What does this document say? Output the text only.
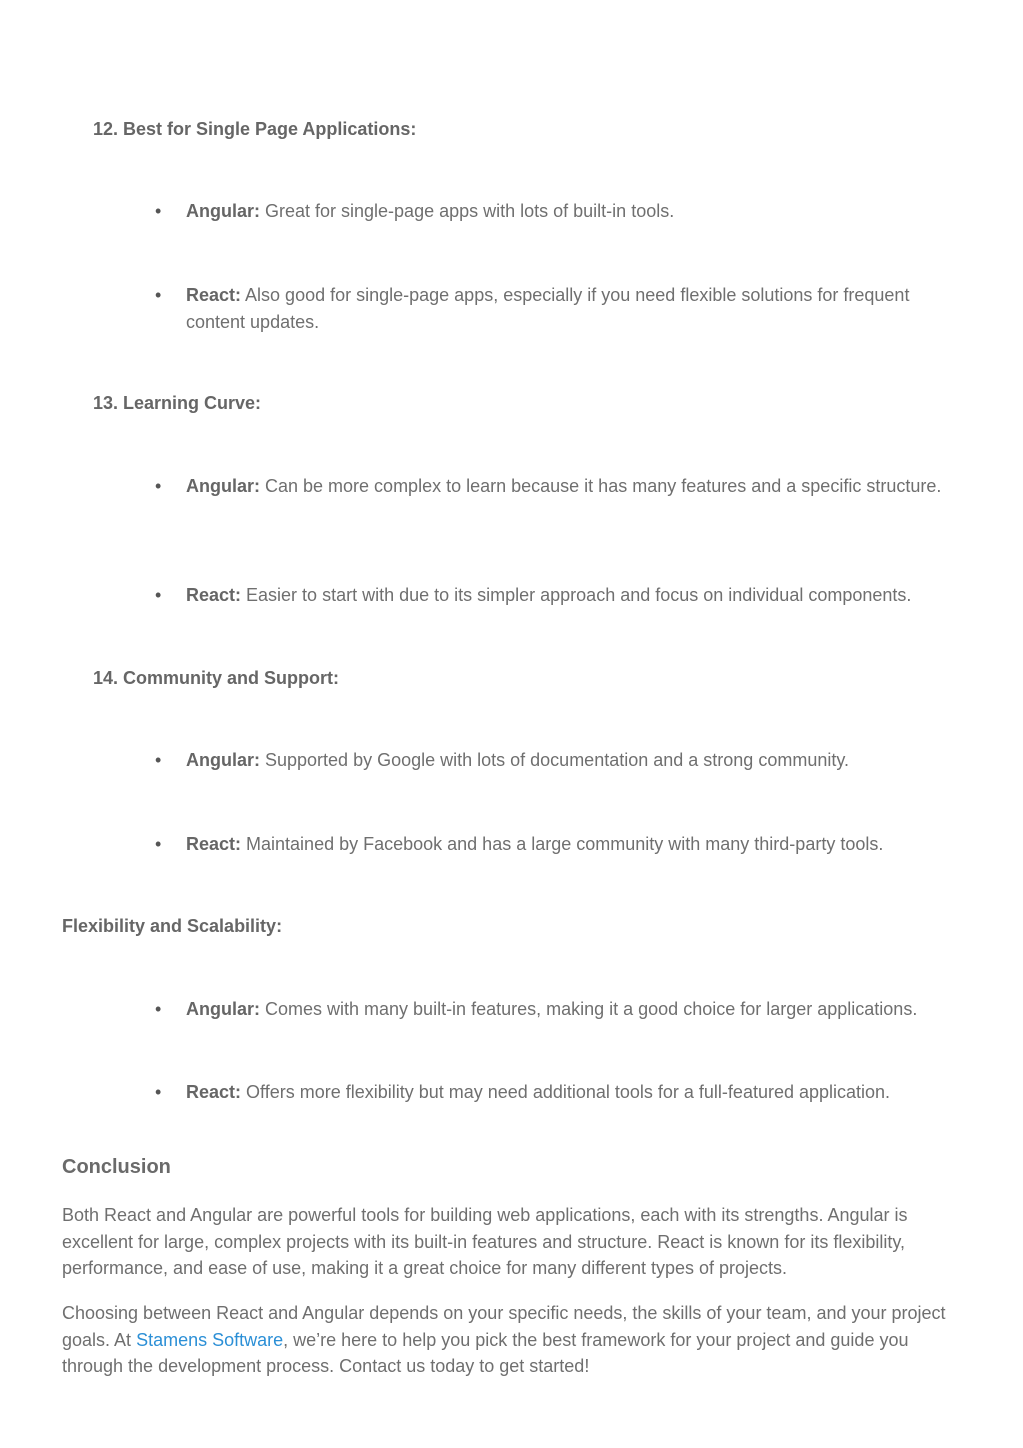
12. Best for Single Page Applications:
•	Angular: Great for single-page apps with lots of built-in tools.
•	React: Also good for single-page apps, especially if you need flexible solutions for frequent content updates.
13. Learning Curve:
•	Angular: Can be more complex to learn because it has many features and a specific structure.
•	React: Easier to start with due to its simpler approach and focus on individual components.
14. Community and Support:
•	Angular: Supported by Google with lots of documentation and a strong community.
•	React: Maintained by Facebook and has a large community with many third-party tools.
Flexibility and Scalability:
•	Angular: Comes with many built-in features, making it a good choice for larger applications.
•	React: Offers more flexibility but may need additional tools for a full-featured application.
Conclusion
Both React and Angular are powerful tools for building web applications, each with its strengths. Angular is excellent for large, complex projects with its built-in features and structure. React is known for its flexibility, performance, and ease of use, making it a great choice for many different types of projects.
Choosing between React and Angular depends on your specific needs, the skills of your team, and your project goals. At Stamens Software, we’re here to help you pick the best framework for your project and guide you through the development process. Contact us today to get started!
